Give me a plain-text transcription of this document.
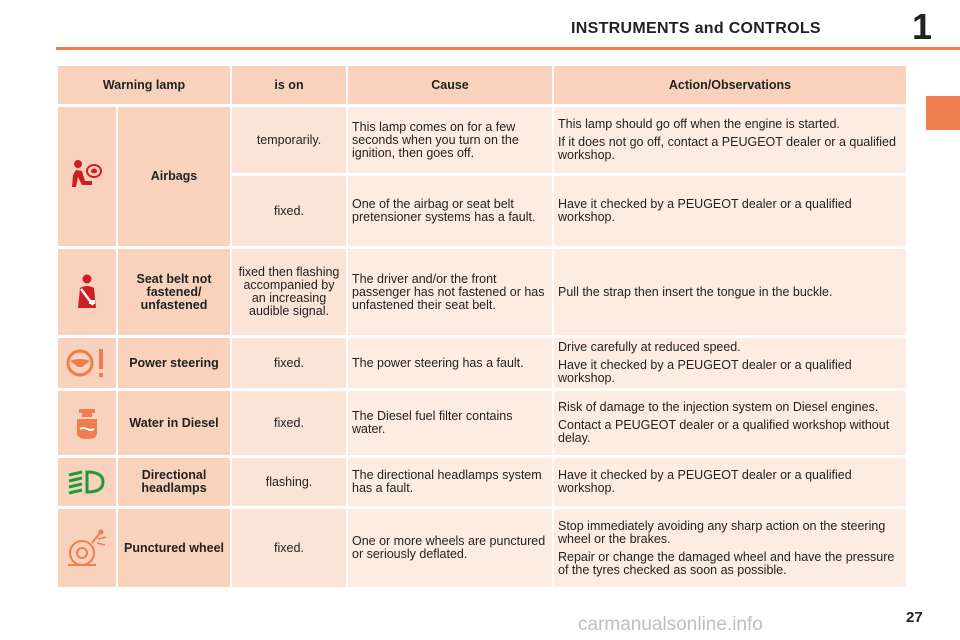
INSTRUMENTS and CONTROLS	1
Warning lamp		is on	Cause	Action/Observations

	Airbags	temporarily.	This lamp comes on for a few seconds when you turn on the ignition, then goes off.	This lamp should go off when the engine is started.

If it does not go off, contact a PEUGEOT dealer or a qualified workshop.

		fixed.	One of the airbag or seat belt pretensioner systems has a fault.	Have it checked by a PEUGEOT dealer or a qualified workshop.

	Seat belt not fastened/ unfastened	fixed then flashing accompanied by an increasing audible signal.	The driver and/or the front passenger has not fastened or has unfastened their seat belt.	Pull the strap then insert the tongue in the buckle.

	Power steering	fixed.	The power steering has a fault.	Drive carefully at reduced speed.

Have it checked by a PEUGEOT dealer or a qualified workshop.

	Water in Diesel	fixed.	The Diesel fuel filter contains water.	Risk of damage to the injection system on Diesel engines.

Contact a PEUGEOT dealer or a qualified workshop without delay.

	Directional headlamps	flashing.	The directional headlamps system has a fault.	Have it checked by a PEUGEOT dealer or a qualified workshop.

	Punctured wheel	fixed.	One or more wheels are punctured or seriously deflated.	Stop immediately avoiding any sharp action on the steering wheel or the brakes.

Repair or change the damaged wheel and have the pressure of the tyres checked as soon as possible.

27
carmanualsonline.info
